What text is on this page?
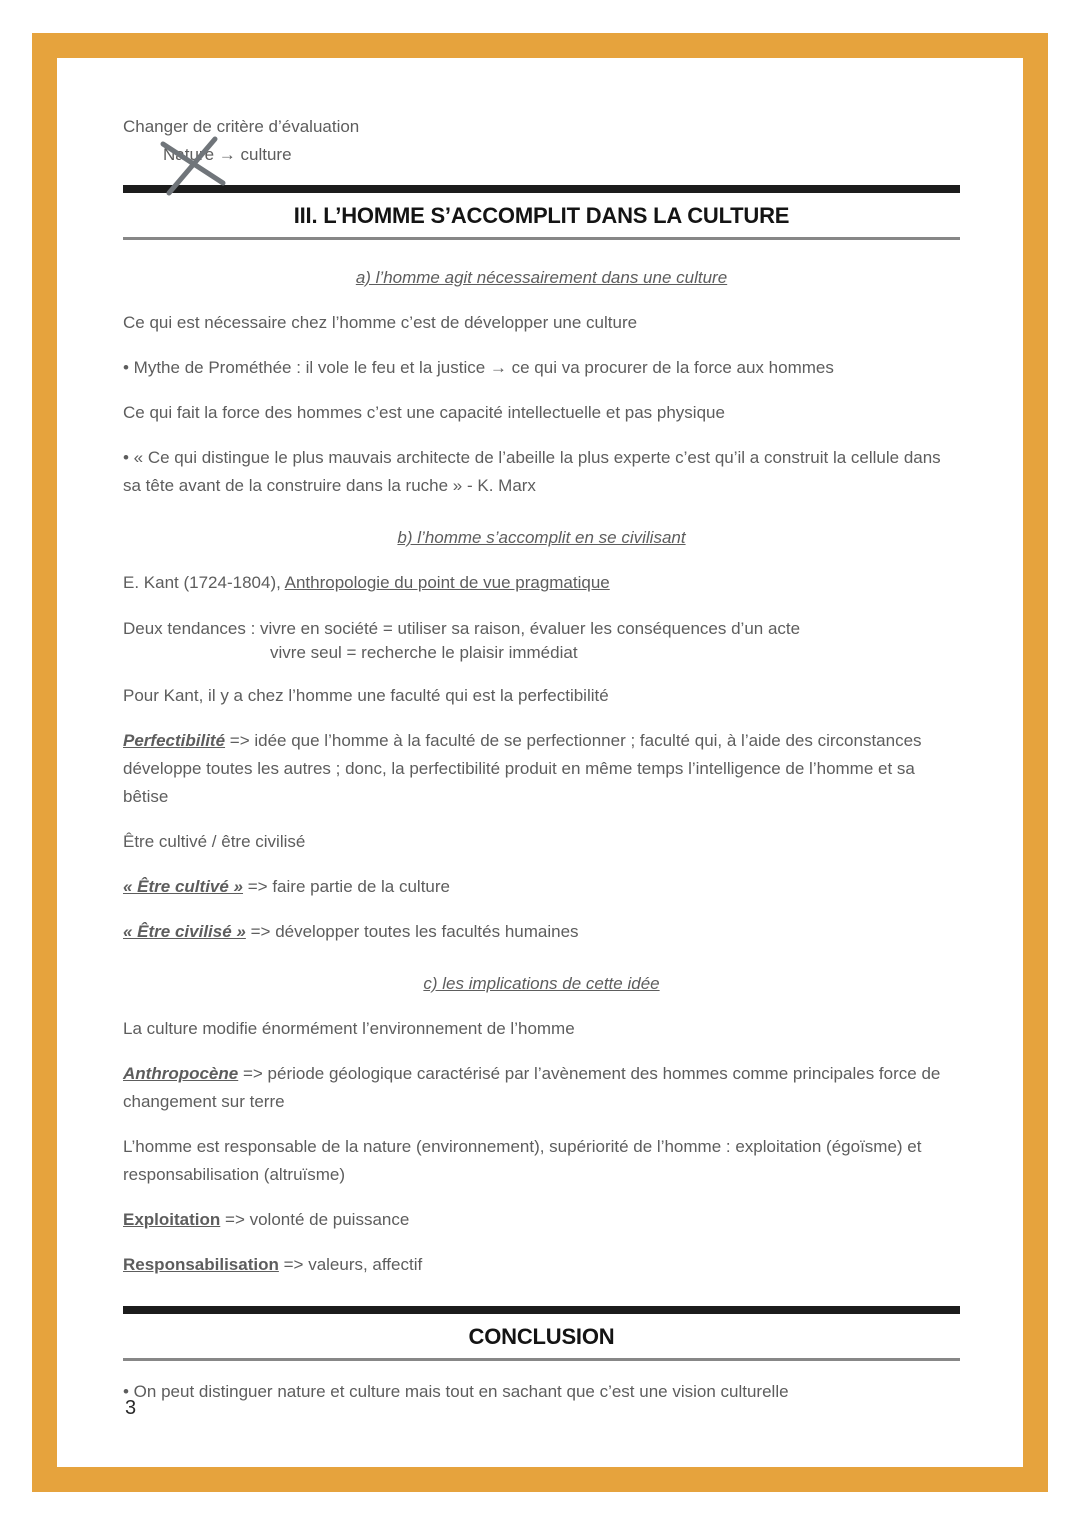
Changer de critère d’évaluation
Nature → culture
III. L’HOMME S’ACCOMPLIT DANS LA CULTURE
a) l’homme agit nécessairement dans une culture

Ce qui est nécessaire chez l’homme c’est de développer une culture

• Mythe de Prométhée : il vole le feu et la justice → ce qui va procurer de la force aux hommes

Ce qui fait la force des hommes c’est une capacité intellectuelle et pas physique

• « Ce qui distingue le plus mauvais architecte de l’abeille la plus experte c’est qu’il a construit la cellule dans sa tête avant de la construire dans la ruche » - K. Marx

b) l’homme s’accomplit en se civilisant

E. Kant (1724-1804), Anthropologie du point de vue pragmatique

Deux tendances : vivre en société = utiliser sa raison, évaluer les conséquences d’un acte
vivre seul = recherche le plaisir immédiat

Pour Kant, il y a chez l’homme une faculté qui est la perfectibilité

Perfectibilité => idée que l’homme à la faculté de se perfectionner ; faculté qui, à l’aide des circonstances développe toutes les autres ; donc, la perfectibilité produit en même temps l’intelligence de l’homme et sa bêtise

Être cultivé / être civilisé

« Être cultivé » => faire partie de la culture

« Être civilisé » => développer toutes les facultés humaines

c) les implications de cette idée

La culture modifie énormément l’environnement de l’homme

Anthropocène => période géologique caractérisé par l’avènement des hommes comme principales force de changement sur terre

L’homme est responsable de la nature (environnement), supériorité de l’homme : exploitation (égoïsme) et responsabilisation (altruïsme)

Exploitation => volonté de puissance

Responsabilisation => valeurs, affectif

CONCLUSION

• On peut distinguer nature et culture mais tout en sachant que c’est une vision culturelle

3
